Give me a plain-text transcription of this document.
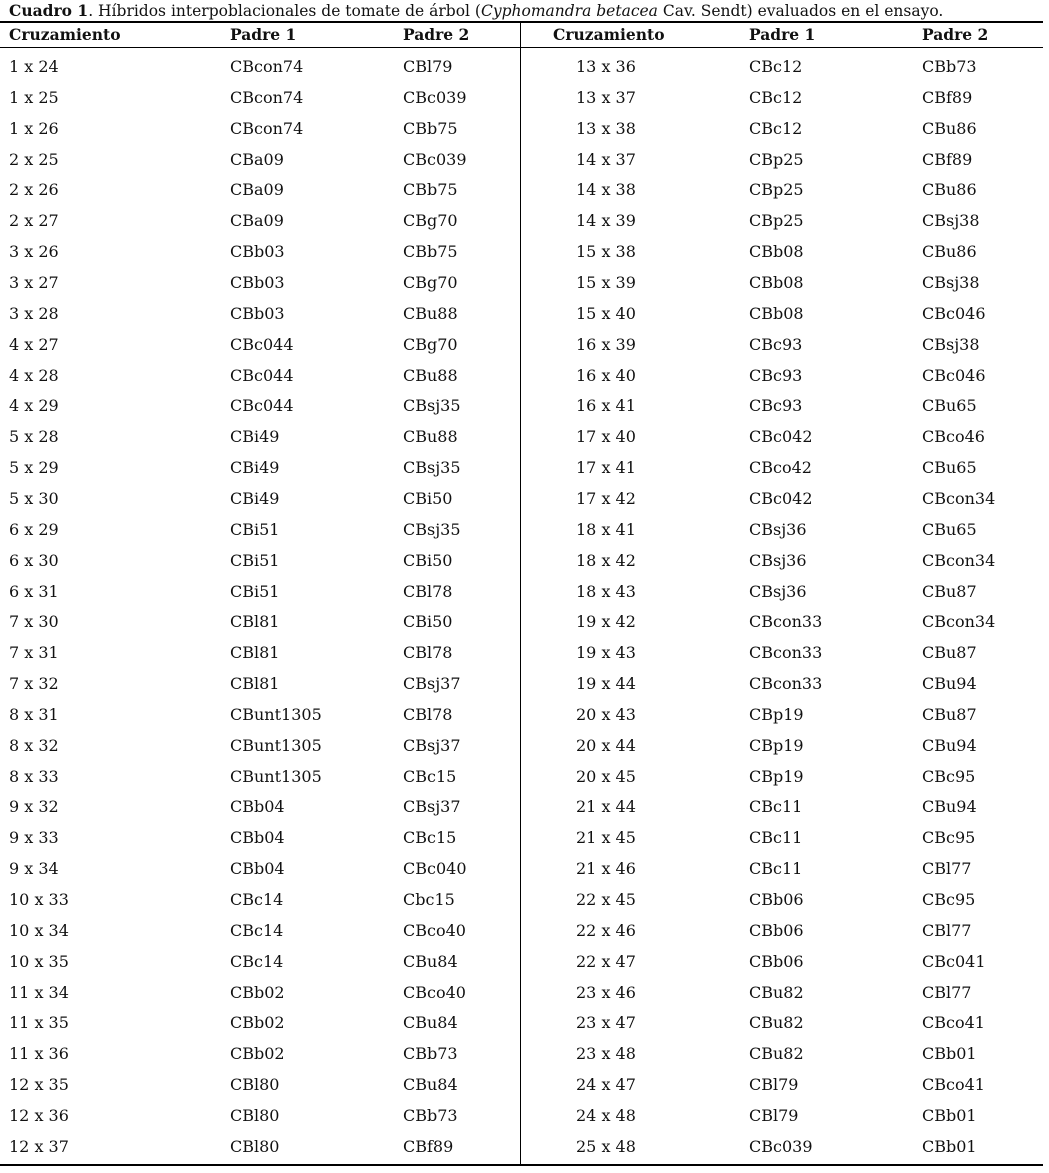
Cuadro 1. Híbridos interpoblacionales de tomate de árbol (Cyphomandra betacea Cav. Sendt) evaluados en el ensayo.
Cruzamiento	Padre 1	Padre 2	Cruzamiento	Padre 1	Padre 2
1 x 24	CBcon74	CBl79
1 x 25	CBcon74	CBc039
1 x 26	CBcon74	CBb75
2 x 25	CBa09	CBc039
2 x 26	CBa09	CBb75
2 x 27	CBa09	CBg70
3 x 26	CBb03	CBb75
3 x 27	CBb03	CBg70
3 x 28	CBb03	CBu88
4 x 27	CBc044	CBg70
4 x 28	CBc044	CBu88
4 x 29	CBc044	CBsj35
5 x 28	CBi49	CBu88
5 x 29	CBi49	CBsj35
5 x 30	CBi49	CBi50
6 x 29	CBi51	CBsj35
6 x 30	CBi51	CBi50
6 x 31	CBi51	CBl78
7 x 30	CBl81	CBi50
7 x 31	CBl81	CBl78
7 x 32	CBl81	CBsj37
8 x 31	CBunt1305	CBl78
8 x 32	CBunt1305	CBsj37
8 x 33	CBunt1305	CBc15
9 x 32	CBb04	CBsj37
9 x 33	CBb04	CBc15
9 x 34	CBb04	CBc040
10 x 33	CBc14	Cbc15
10 x 34	CBc14	CBco40
10 x 35	CBc14	CBu84
11 x 34	CBb02	CBco40
11 x 35	CBb02	CBu84
11 x 36	CBb02	CBb73
12 x 35	CBl80	CBu84
12 x 36	CBl80	CBb73
12 x 37	CBl80	CBf89
13 x 36	CBc12	CBb73
13 x 37	CBc12	CBf89
13 x 38	CBc12	CBu86
14 x 37	CBp25	CBf89
14 x 38	CBp25	CBu86
14 x 39	CBp25	CBsj38
15 x 38	CBb08	CBu86
15 x 39	CBb08	CBsj38
15 x 40	CBb08	CBc046
16 x 39	CBc93	CBsj38
16 x 40	CBc93	CBc046
16 x 41	CBc93	CBu65
17 x 40	CBc042	CBco46
17 x 41	CBco42	CBu65
17 x 42	CBc042	CBcon34
18 x 41	CBsj36	CBu65
18 x 42	CBsj36	CBcon34
18 x 43	CBsj36	CBu87
19 x 42	CBcon33	CBcon34
19 x 43	CBcon33	CBu87
19 x 44	CBcon33	CBu94
20 x 43	CBp19	CBu87
20 x 44	CBp19	CBu94
20 x 45	CBp19	CBc95
21 x 44	CBc11	CBu94
21 x 45	CBc11	CBc95
21 x 46	CBc11	CBl77
22 x 45	CBb06	CBc95
22 x 46	CBb06	CBl77
22 x 47	CBb06	CBc041
23 x 46	CBu82	CBl77
23 x 47	CBu82	CBco41
23 x 48	CBu82	CBb01
24 x 47	CBl79	CBco41
24 x 48	CBl79	CBb01
25 x 48	CBc039	CBb01
